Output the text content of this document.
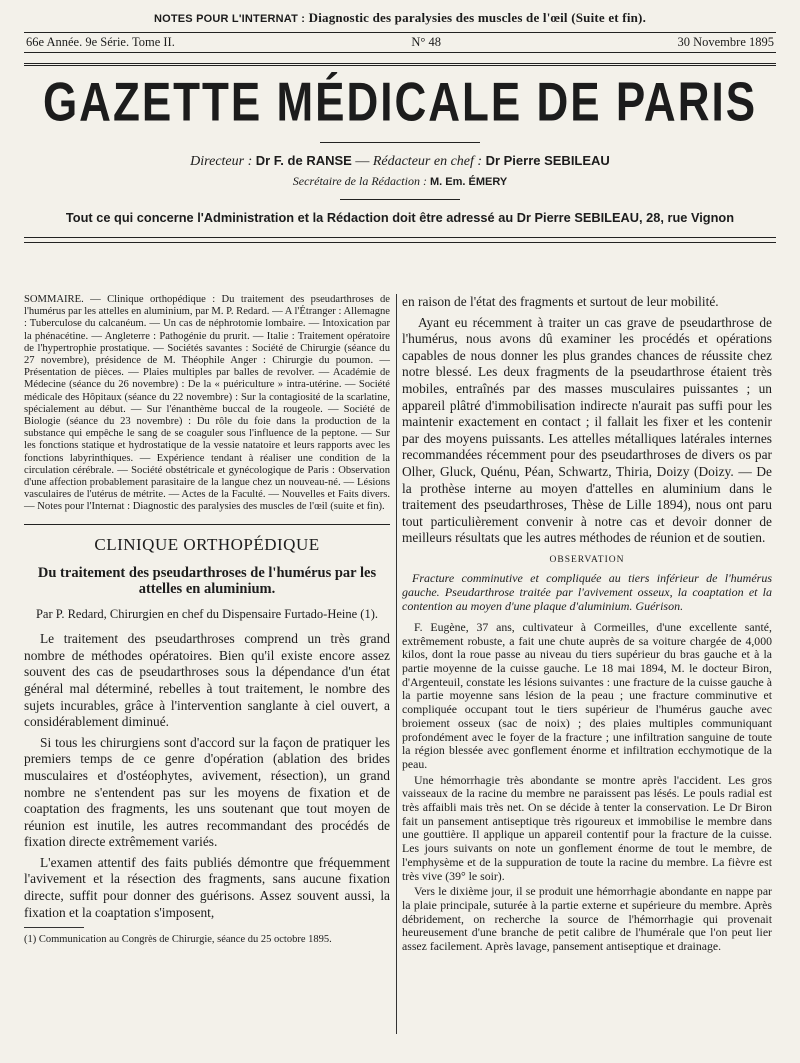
NOTES POUR L'INTERNAT : Diagnostic des paralysies des muscles de l'œil (Suite et fin).
66e Année. 9e Série. Tome II.	N° 48	30 Novembre 1895
GAZETTE MÉDICALE DE PARIS
Directeur : Dr F. de RANSE — Rédacteur en chef : Dr Pierre SEBILEAU
Secrétaire de la Rédaction : M. Em. ÉMERY
Tout ce qui concerne l'Administration et la Rédaction doit être adressé au Dr Pierre SEBILEAU, 28, rue Vignon

SOMMAIRE. — Clinique orthopédique : Du traitement des pseudarthroses de l'humérus par les attelles en aluminium, par M. P. Redard. — A l'Étranger : Allemagne : Tuberculose du calcanéum. — Un cas de néphrotomie lombaire. — Intoxication par la phénacétine. — Angleterre : Pathogénie du prurit. — Italie : Traitement opératoire de l'hypertrophie prostatique. — Sociétés savantes : Société de Chirurgie (séance du 27 novembre), présidence de M. Théophile Anger : Chirurgie du poumon. — Présentation de pièces. — Plaies multiples par balles de revolver. — Académie de Médecine (séance du 26 novembre) : De la « puériculture » intra-utérine. — Société médicale des Hôpitaux (séance du 22 novembre) : Sur la contagiosité de la scarlatine, spécialement au début. — Sur l'énanthème buccal de la rougeole. — Société de Biologie (séance du 23 novembre) : Du rôle du foie dans la production de la substance qui empêche le sang de se coaguler sous l'influence de la peptone. — Sur les fonctions statique et hydrostatique de la vessie natatoire et leurs rapports avec les fonctions labyrinthiques. — Expérience tendant à réaliser une condition de la circulation cérébrale. — Société obstétricale et gynécologique de Paris : Observation d'une affection probablement parasitaire de la langue chez un nouveau-né. — Lésions vasculaires de l'utérus de métrite. — Actes de la Faculté. — Nouvelles et Faits divers. — Notes pour l'Internat : Diagnostic des paralysies des muscles de l'œil (suite et fin).

CLINIQUE ORTHOPÉDIQUE
Du traitement des pseudarthroses de l'humérus par les attelles en aluminium.
Par P. Redard, Chirurgien en chef du Dispensaire Furtado-Heine (1).

Le traitement des pseudarthroses comprend un très grand nombre de méthodes opératoires. Bien qu'il existe encore assez souvent des cas de pseudarthroses sous la dépendance d'un état général mal déterminé, rebelles à tout traitement, le nombre des sujets incurables, grâce à l'intervention sanglante à ciel ouvert, a considérablement diminué.

Si tous les chirurgiens sont d'accord sur la façon de pratiquer les premiers temps de ce genre d'opération (ablation des brides musculaires et d'ostéophytes, avivement, résection), un grand nombre ne s'entendent pas sur les moyens de fixation et de coaptation des fragments, les uns soutenant que tout moyen de réunion est inutile, les autres recommandant des procédés de fixation directe extrêmement variés.

L'examen attentif des faits publiés démontre que fréquemment l'avivement et la résection des fragments, sans aucune fixation directe, suffit pour donner des guérisons. Assez souvent aussi, la fixation et la coaptation s'imposent,

(1) Communication au Congrès de Chirurgie, séance du 25 octobre 1895.

en raison de l'état des fragments et surtout de leur mobilité.

Ayant eu récemment à traiter un cas grave de pseudarthrose de l'humérus, nous avons dû examiner les procédés et opérations capables de nous donner les plus grandes chances de réussite chez notre blessé. Les deux fragments de la pseudarthrose étaient très mobiles, entraînés par des masses musculaires puissantes ; un appareil plâtré d'immobilisation indirecte n'aurait pas suffi pour les maintenir exactement en contact ; il fallait les fixer et les contenir par des moyens puissants. Les attelles métalliques latérales internes recommandées récemment pour des pseudarthroses de divers os par Olher, Gluck, Quénu, Péan, Schwartz, Thiria, Doizy (Doizy. — De la prothèse interne au moyen d'attelles en aluminium dans le traitement des pseudarthroses, Thèse de Lille 1894), nous ont paru tout particulièrement convenir à notre cas et devoir donner de meilleurs résultats que les autres méthodes de réunion et de soutien.

OBSERVATION

Fracture comminutive et compliquée au tiers inférieur de l'humérus gauche. Pseudarthrose traitée par l'avivement osseux, la coaptation et la contention au moyen d'une plaque d'aluminium. Guérison.

F. Eugène, 37 ans, cultivateur à Cormeilles, d'une excellente santé, extrêmement robuste, a fait une chute auprès de sa voiture chargée de 4,000 kilos, dont la roue passe au niveau du tiers supérieur du bras gauche et à la partie moyenne de la cuisse gauche. Le 18 mai 1894, M. le docteur Biron, d'Argenteuil, constate les lésions suivantes : une fracture de la cuisse gauche à la partie moyenne sans lésion de la peau ; une fracture comminutive et compliquée occupant tout le tiers supérieur de l'humérus gauche avec broiement osseux (sac de noix) ; des plaies multiples communiquant profondément avec le foyer de la fracture ; une infiltration sanguine de toute la région blessée avec gonflement énorme et infiltration ecchymotique de la peau.

Une hémorrhagie très abondante se montre après l'accident. Les gros vaisseaux de la racine du membre ne paraissent pas lésés. Le pouls radial est très affaibli mais très net. On se décide à tenter la conservation. Le Dr Biron fait un pansement antiseptique très rigoureux et immobilise le membre dans une gouttière. Il applique un appareil contentif pour la fracture de la cuisse. Les jours suivants on note un gonflement énorme de tout le membre, de l'emphysème et de la suppuration de toute la racine du membre. La fièvre est très vive (39° le soir).

Vers le dixième jour, il se produit une hémorrhagie abondante en nappe par la plaie principale, suturée à la partie externe et supérieure du membre. Après débridement, on recherche la source de l'hémorrhagie qui provenait heureusement d'une branche de petit calibre de l'humérale que l'on peut lier assez facilement. Après lavage, pansement antiseptique et drainage.
